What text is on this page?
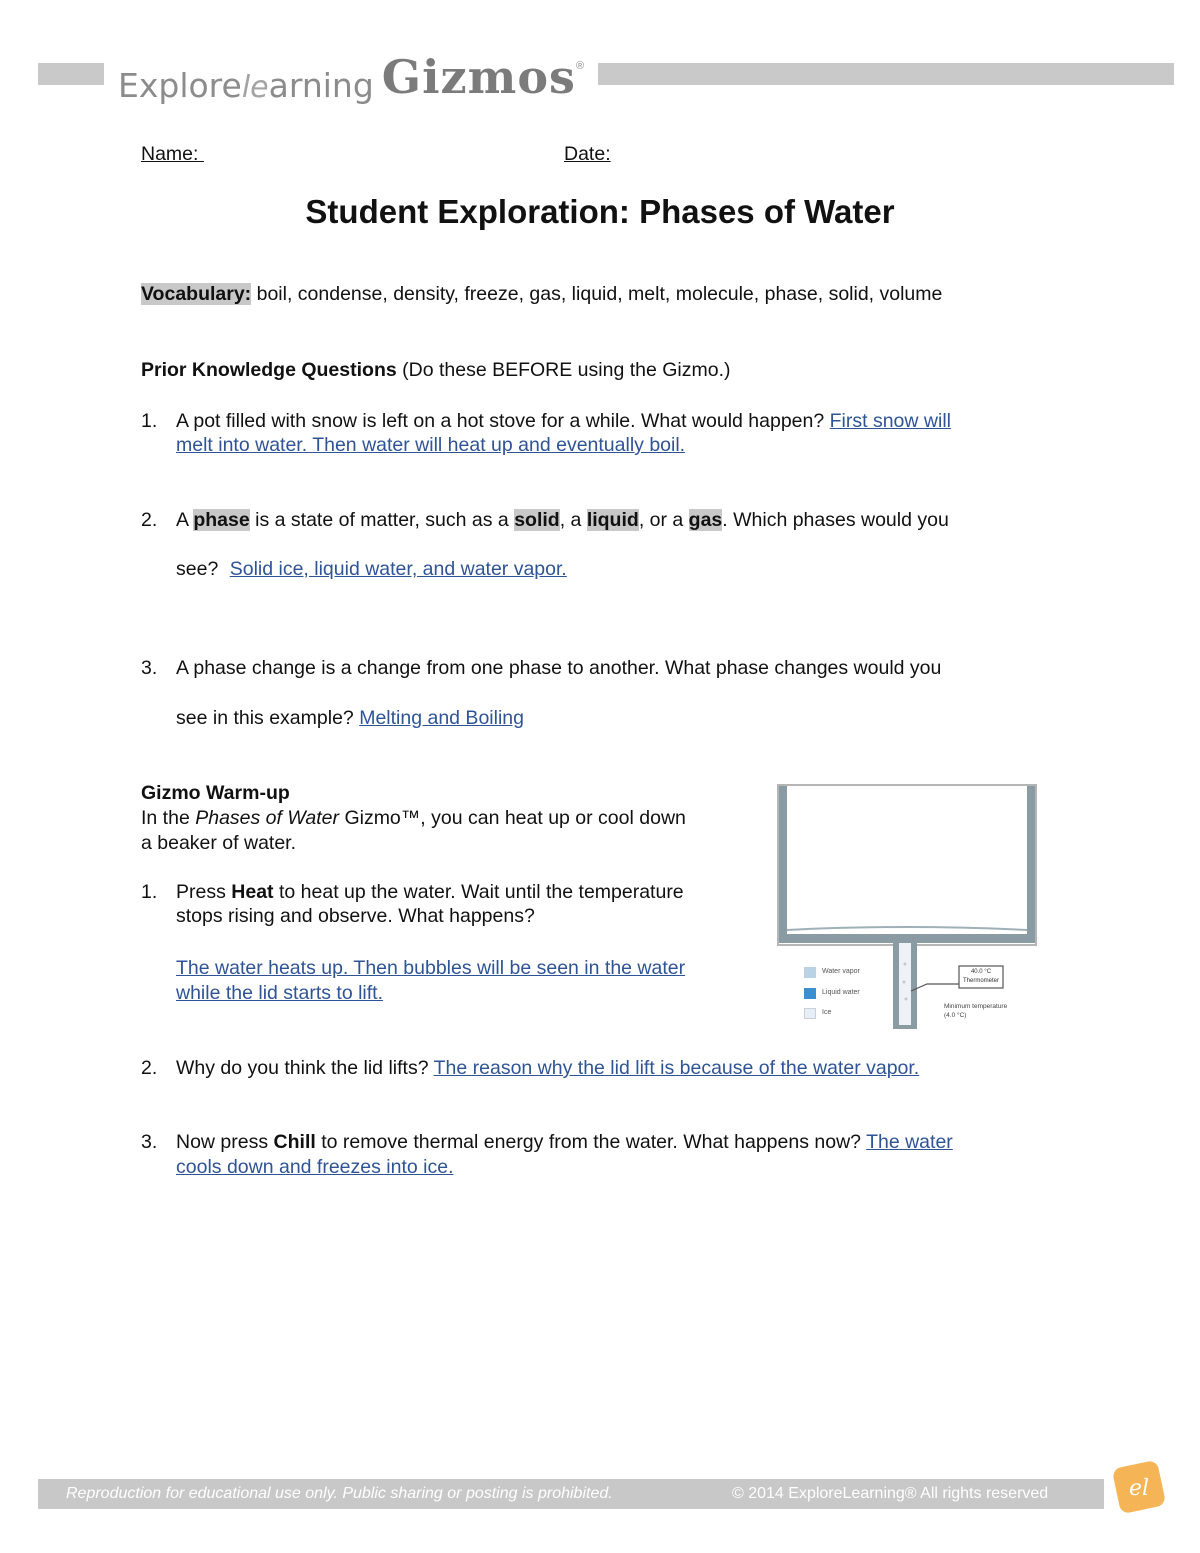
Explorelearning Gizmos®
Name:	Date:
Student Exploration: Phases of Water
Vocabulary: boil, condense, density, freeze, gas, liquid, melt, molecule, phase, solid, volume
Prior Knowledge Questions (Do these BEFORE using the Gizmo.)
1. A pot filled with snow is left on a hot stove for a while. What would happen? First snow will
melt into water. Then water will heat up and eventually boil.
2. A phase is a state of matter, such as a solid, a liquid, or a gas. Which phases would you
see? Solid ice, liquid water, and water vapor.
3. A phase change is a change from one phase to another. What phase changes would you
see in this example? Melting and Boiling
Gizmo Warm-up
In the Phases of Water Gizmo™, you can heat up or cool down
a beaker of water.
1. Press Heat to heat up the water. Wait until the temperature
stops rising and observe. What happens?
The water heats up. Then bubbles will be seen in the water
while the lid starts to lift.
Water vapor
Liquid water
Ice
40.0 °C
Thermometer
Minimum temperature
(4.0 °C)
2. Why do you think the lid lifts? The reason why the lid lift is because of the water vapor.
3. Now press Chill to remove thermal energy from the water. What happens now? The water
cools down and freezes into ice.
Reproduction for educational use only. Public sharing or posting is prohibited.	© 2014 ExploreLearning® All rights reserved	el
